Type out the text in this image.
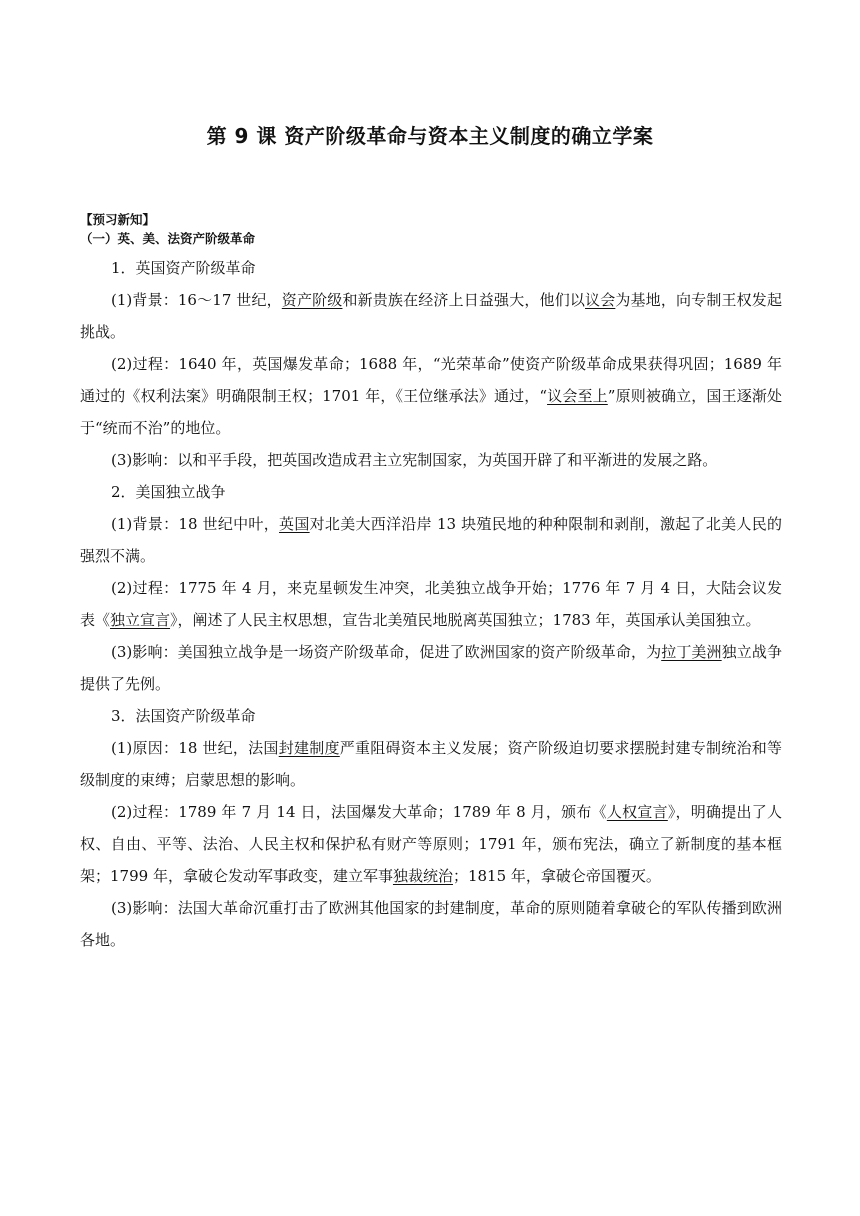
第 9 课 资产阶级革命与资本主义制度的确立学案

【预习新知】

（一）英、美、法资产阶级革命

1．英国资产阶级革命

(1)背景：16～17 世纪，资产阶级和新贵族在经济上日益强大，他们以议会为基地，向专制王权发起挑战。

(2)过程：1640 年，英国爆发革命；1688 年，“光荣革命”使资产阶级革命成果获得巩固；1689 年通过的《权利法案》明确限制王权；1701 年，《王位继承法》通过，“议会至上”原则被确立，国王逐渐处于“统而不治”的地位。

(3)影响：以和平手段，把英国改造成君主立宪制国家，为英国开辟了和平渐进的发展之路。

2．美国独立战争

(1)背景：18 世纪中叶，英国对北美大西洋沿岸 13 块殖民地的种种限制和剥削，激起了北美人民的强烈不满。

(2)过程：1775 年 4 月，来克星顿发生冲突，北美独立战争开始；1776 年 7 月 4 日，大陆会议发表《独立宣言》，阐述了人民主权思想，宣告北美殖民地脱离英国独立；1783 年，英国承认美国独立。

(3)影响：美国独立战争是一场资产阶级革命，促进了欧洲国家的资产阶级革命，为拉丁美洲独立战争提供了先例。

3．法国资产阶级革命

(1)原因：18 世纪，法国封建制度严重阻碍资本主义发展；资产阶级迫切要求摆脱封建专制统治和等级制度的束缚；启蒙思想的影响。

(2)过程：1789 年 7 月 14 日，法国爆发大革命；1789 年 8 月，颁布《人权宣言》，明确提出了人权、自由、平等、法治、人民主权和保护私有财产等原则；1791 年，颁布宪法，确立了新制度的基本框架；1799 年，拿破仑发动军事政变，建立军事独裁统治；1815 年，拿破仑帝国覆灭。

(3)影响：法国大革命沉重打击了欧洲其他国家的封建制度，革命的原则随着拿破仑的军队传播到欧洲各地。
